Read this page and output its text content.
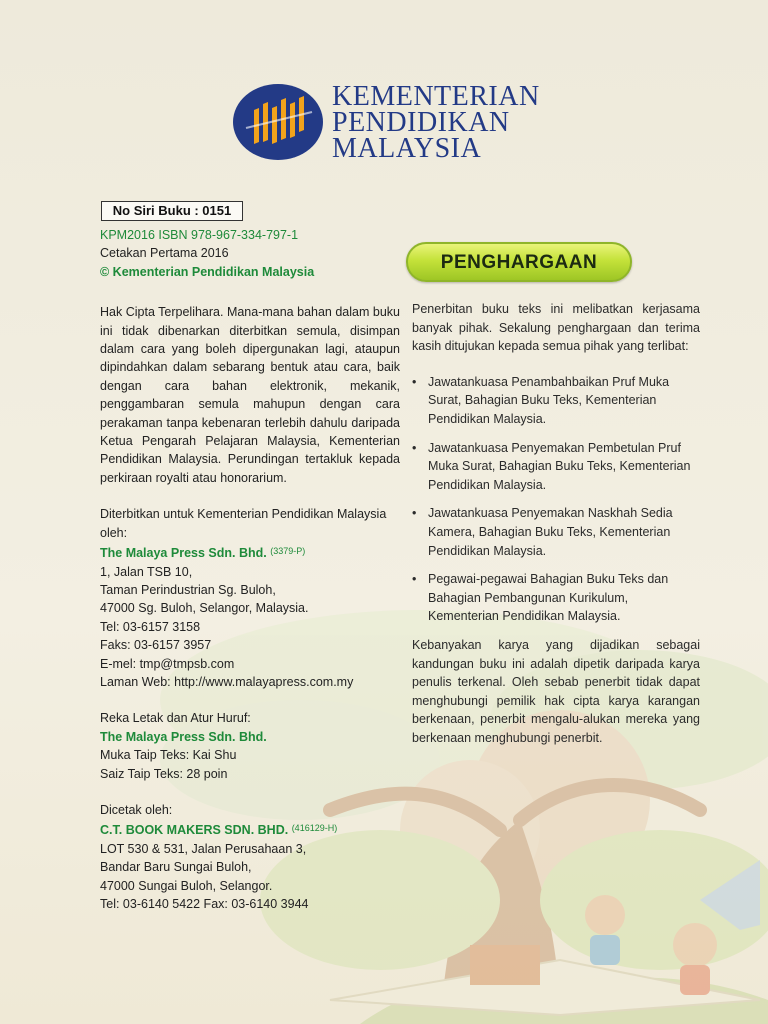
KEMENTERIAN
PENDIDIKAN
MALAYSIA
No Siri Buku : 0151
KPM2016 ISBN 978-967-334-797-1
Cetakan Pertama 2016
© Kementerian Pendidikan Malaysia
Hak Cipta Terpelihara. Mana-mana bahan dalam buku ini tidak dibenarkan diterbitkan semula, disimpan dalam cara yang boleh dipergunakan lagi, ataupun dipindahkan dalam sebarang bentuk atau cara, baik dengan cara bahan elektronik, mekanik, penggambaran semula mahupun dengan cara perakaman tanpa kebenaran terlebih dahulu daripada Ketua Pengarah Pelajaran Malaysia, Kementerian Pendidikan Malaysia. Perundingan tertakluk kepada perkiraan royalti atau honorarium.
Diterbitkan untuk Kementerian Pendidikan Malaysia oleh:
The Malaya Press Sdn. Bhd. $^{(3379-P)}$
1, Jalan TSB 10,
Taman Perindustrian Sg. Buloh,
47000 Sg. Buloh, Selangor, Malaysia.
Tel: 03-6157 3158
Faks: 03-6157 3957
E-mel: tmp@tmpsb.com
Laman Web: http://www.malayapress.com.my
Reka Letak dan Atur Huruf:
The Malaya Press Sdn. Bhd.
Muka Taip Teks: Kai Shu
Saiz Taip Teks: 28 poin
Dicetak oleh:
C.T. BOOK MAKERS SDN. BHD. $^{(416129-H)}$
LOT 530 & 531, Jalan Perusahaan 3,
Bandar Baru Sungai Buloh,
47000 Sungai Buloh, Selangor.
Tel: 03-6140 5422 Fax: 03-6140 3944
PENGHARGAAN

Penerbitan buku teks ini melibatkan kerjasama banyak pihak. Sekalung penghargaan dan terima kasih ditujukan kepada semua pihak yang terlibat:

• Jawatankuasa Penambahbaikan Pruf Muka Surat, Bahagian Buku Teks, Kementerian Pendidikan Malaysia.
• Jawatankuasa Penyemakan Pembetulan Pruf Muka Surat, Bahagian Buku Teks, Kementerian Pendidikan Malaysia.
• Jawatankuasa Penyemakan Naskhah Sedia Kamera, Bahagian Buku Teks, Kementerian Pendidikan Malaysia.
• Pegawai-pegawai Bahagian Buku Teks dan Bahagian Pembangunan Kurikulum, Kementerian Pendidikan Malaysia.

Kebanyakan karya yang dijadikan sebagai kandungan buku ini adalah dipetik daripada karya penulis terkenal. Oleh sebab penerbit tidak dapat menghubungi pemilik hak cipta karya karangan berkenaan, penerbit mengalu-alukan mereka yang berkenaan menghubungi penerbit.
